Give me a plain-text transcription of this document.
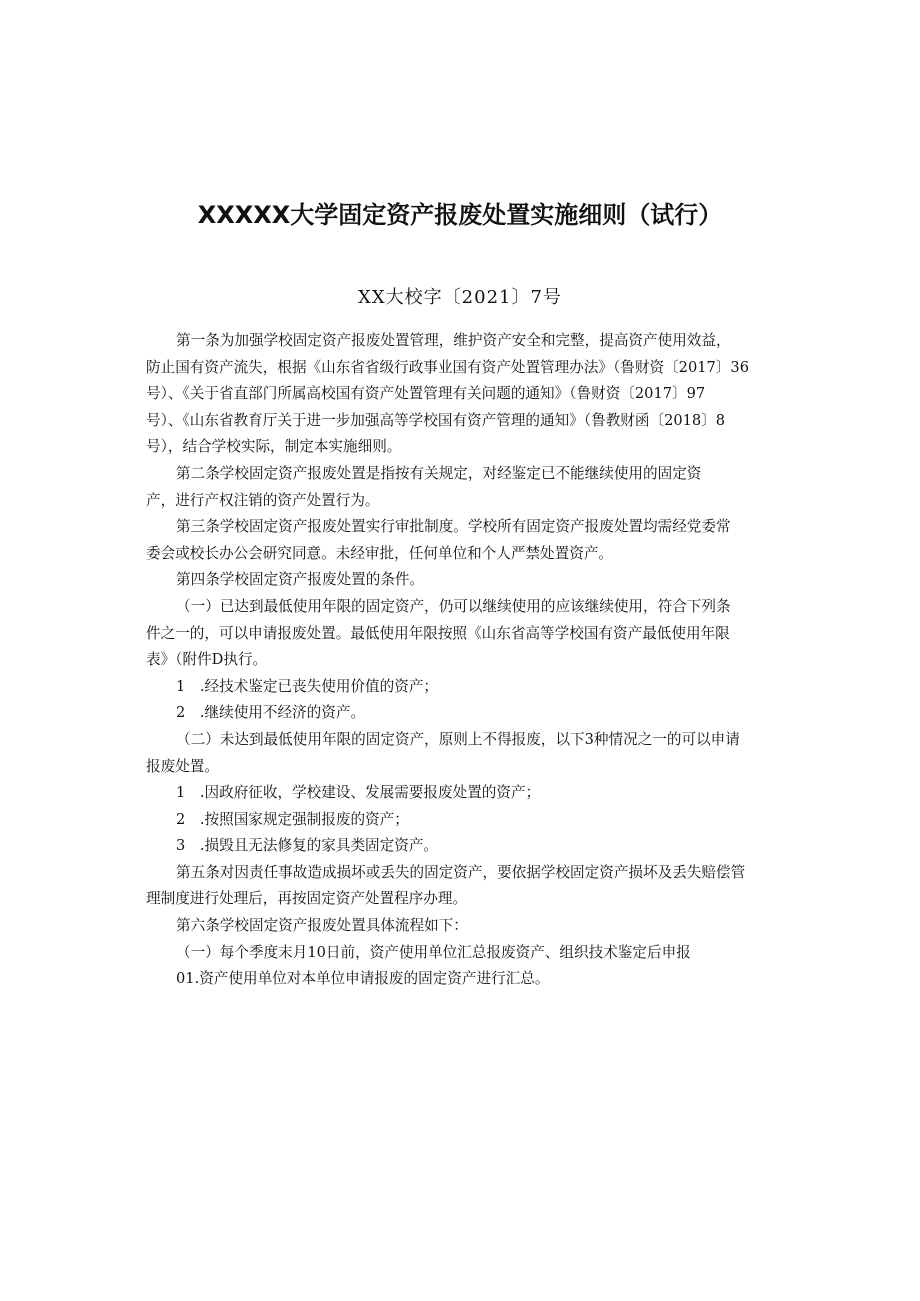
XXXXX大学固定资产报废处置实施细则（试行）

XX大校字〔2021〕7号

第一条为加强学校固定资产报废处置管理，维护资产安全和完整，提高资产使用效益，
防止国有资产流失，根据《山东省省级行政事业国有资产处置管理办法》（鲁财资〔2017〕36
号）、《关于省直部门所属高校国有资产处置管理有关问题的通知》（鲁财资〔2017〕97
号）、《山东省教育厅关于进一步加强高等学校国有资产管理的通知》（鲁教财函〔2018〕8
号），结合学校实际，制定本实施细则。
第二条学校固定资产报废处置是指按有关规定，对经鉴定已不能继续使用的固定资
产，进行产权注销的资产处置行为。
第三条学校固定资产报废处置实行审批制度。学校所有固定资产报废处置均需经党委常
委会或校长办公会研究同意。未经审批，任何单位和个人严禁处置资产。
第四条学校固定资产报废处置的条件。
（一）已达到最低使用年限的固定资产，仍可以继续使用的应该继续使用，符合下列条
件之一的，可以申请报废处置。最低使用年限按照《山东省高等学校国有资产最低使用年限
表》（附件D执行。
1　.经技术鉴定已丧失使用价值的资产；
2　.继续使用不经济的资产。
（二）未达到最低使用年限的固定资产，原则上不得报废，以下3种情况之一的可以申请
报废处置。
1　.因政府征收，学校建设、发展需要报废处置的资产；
2　.按照国家规定强制报废的资产；
3　.损毁且无法修复的家具类固定资产。
第五条对因责任事故造成损坏或丢失的固定资产，要依据学校固定资产损坏及丢失赔偿管
理制度进行处理后，再按固定资产处置程序办理。
第六条学校固定资产报废处置具体流程如下：
（一）每个季度末月10日前，资产使用单位汇总报废资产、组织技术鉴定后申报
01.资产使用单位对本单位申请报废的固定资产进行汇总。
